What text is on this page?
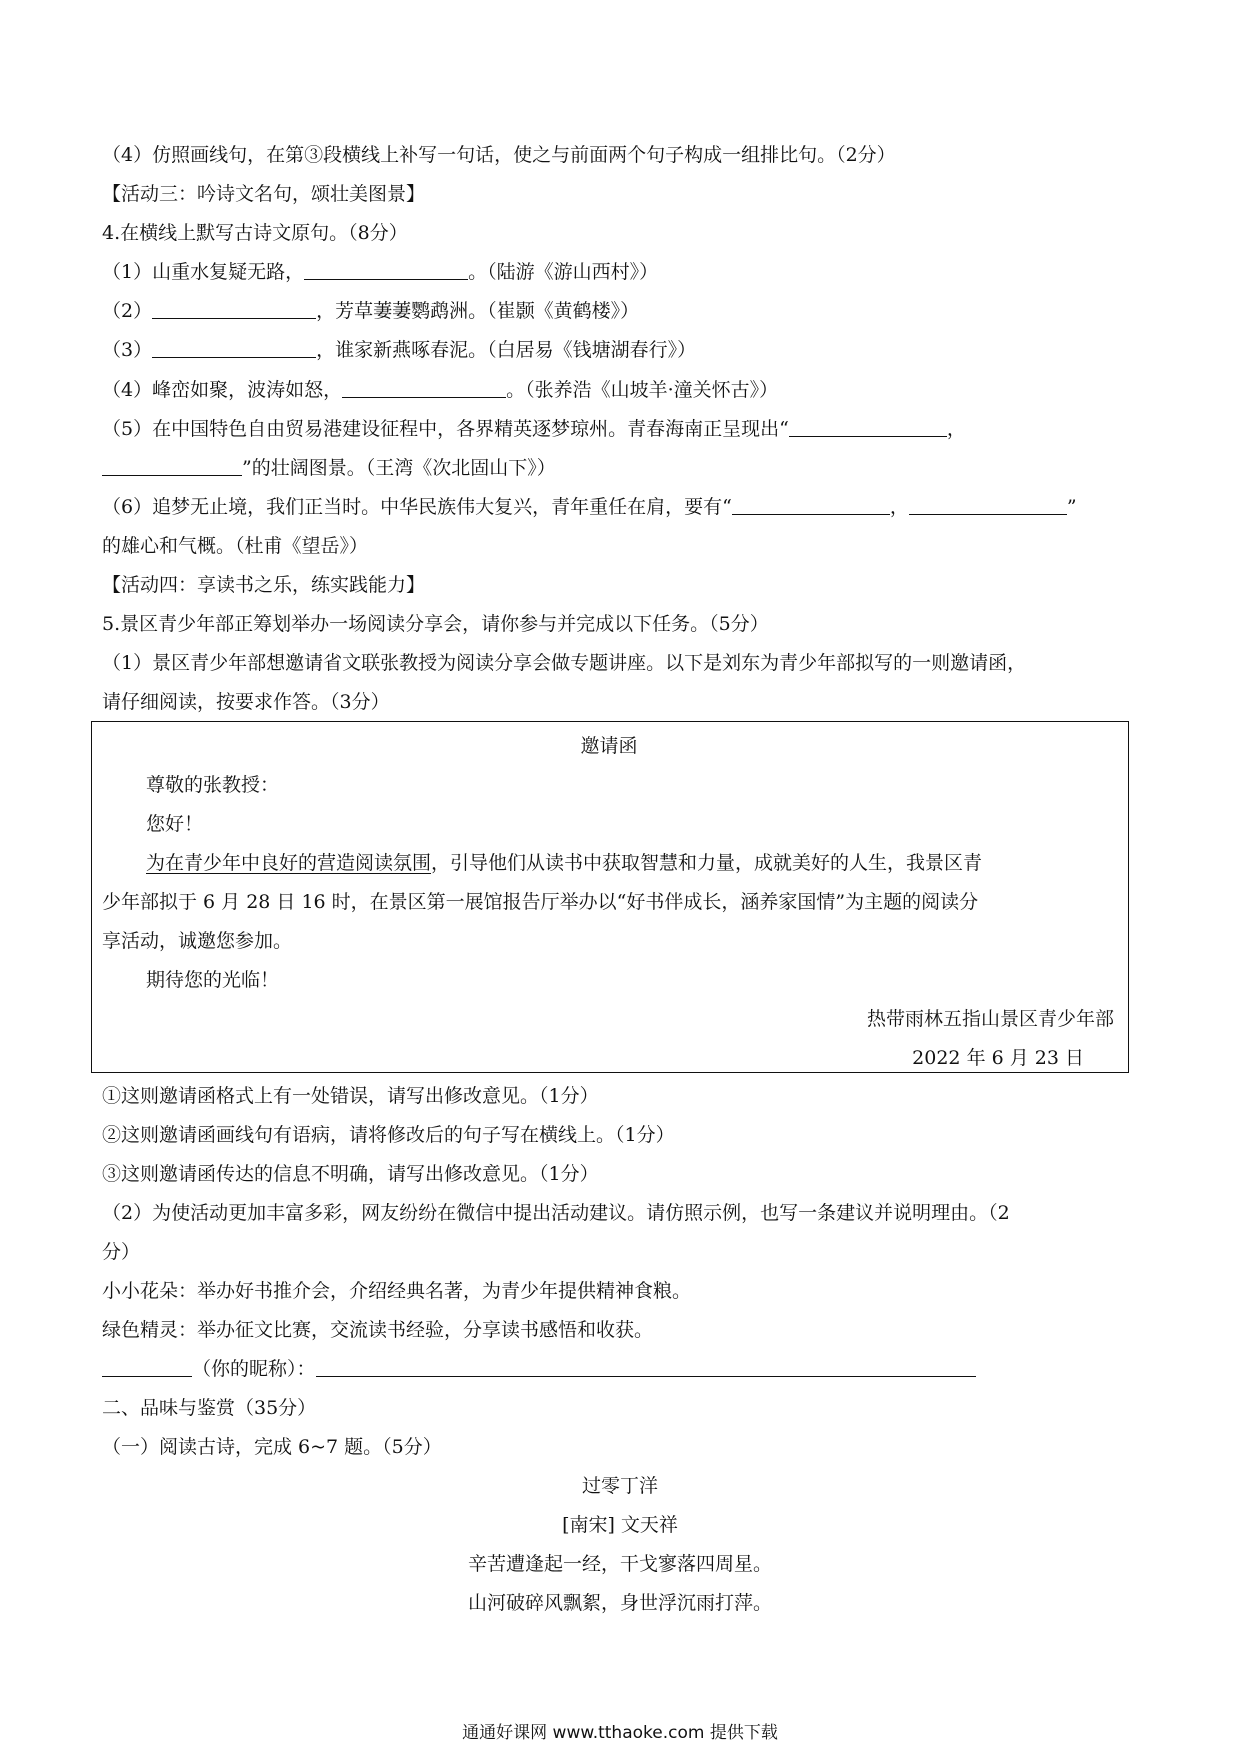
（4）仿照画线句，在第③段横线上补写一句话，使之与前面两个句子构成一组排比句。（2分）
【活动三：吟诗文名句，颂壮美图景】
4.在横线上默写古诗文原句。（8分）
（1）山重水复疑无路，	。（陆游《游山西村》）
（2）	，芳草萋萋鹦鹉洲。（崔颢《黄鹤楼》）
（3）	，谁家新燕啄春泥。（白居易《钱塘湖春行》）
（4）峰峦如聚，波涛如怒，	。（张养浩《山坡羊·潼关怀古》）
（5）在中国特色自由贸易港建设征程中，各界精英逐梦琼州。青春海南正呈现出“	，
”的壮阔图景。（王湾《次北固山下》）
（6）追梦无止境，我们正当时。中华民族伟大复兴，青年重任在肩，要有“	，	”
的雄心和气概。（杜甫《望岳》）
【活动四：享读书之乐，练实践能力】
5.景区青少年部正筹划举办一场阅读分享会，请你参与并完成以下任务。（5分）
（1）景区青少年部想邀请省文联张教授为阅读分享会做专题讲座。以下是刘东为青少年部拟写的一则邀请函，
请仔细阅读，按要求作答。（3分）
邀请函
尊敬的张教授：
您好！
为在青少年中良好的营造阅读氛围，引导他们从读书中获取智慧和力量，成就美好的人生，我景区青
少年部拟于 6 月 28 日 16 时，在景区第一展馆报告厅举办以“好书伴成长，涵养家国情”为主题的阅读分
享活动，诚邀您参加。
期待您的光临！
热带雨林五指山景区青少年部
2022 年 6 月 23 日
①这则邀请函格式上有一处错误，请写出修改意见。（1分）
②这则邀请函画线句有语病，请将修改后的句子写在横线上。（1分）
③这则邀请函传达的信息不明确，请写出修改意见。（1分）
（2）为使活动更加丰富多彩，网友纷纷在微信中提出活动建议。请仿照示例，也写一条建议并说明理由。（2
分）
小小花朵：举办好书推介会，介绍经典名著，为青少年提供精神食粮。
绿色精灵：举办征文比赛，交流读书经验，分享读书感悟和收获。
（你的昵称）：
二、品味与鉴赏（35分）
（一）阅读古诗，完成 6~7 题。（5分）
过零丁洋
[南宋] 文天祥
辛苦遭逢起一经，干戈寥落四周星。
山河破碎风飘絮，身世浮沉雨打萍。
通通好课网 www.tthaoke.com 提供下载
